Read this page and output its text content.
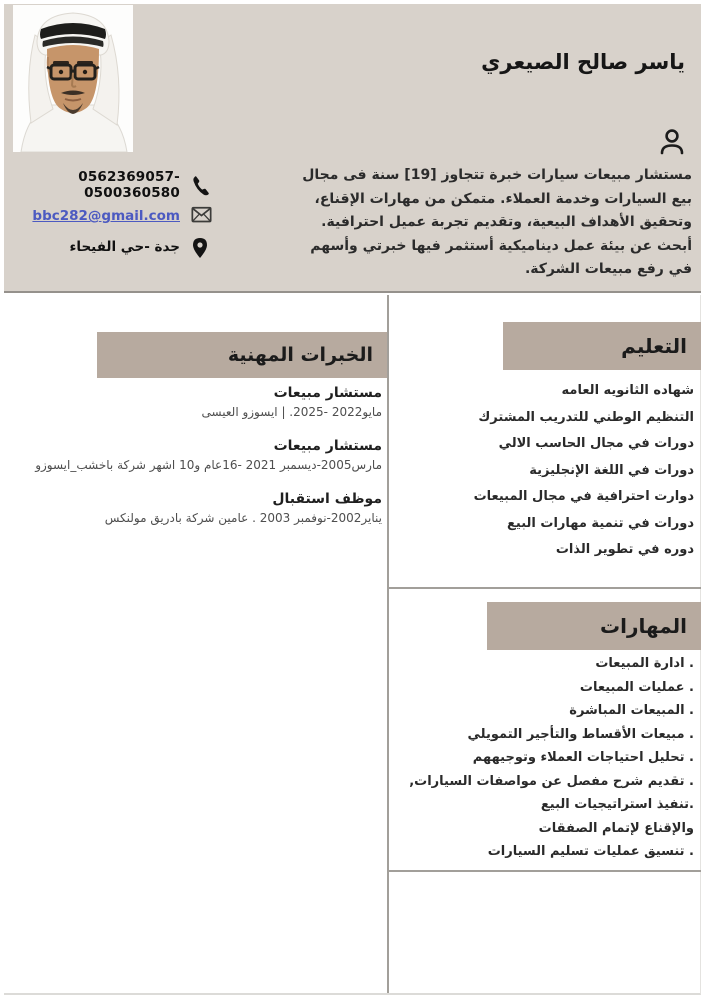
ياسر صالح الصيعري
مستشار مبيعات سيارات خبرة تتجاوز [19] سنة فى مجال بيع السيارات وخدمة العملاء. متمكن من مهارات الإقناع، وتحقيق الأهداف البيعية، وتقديم تجربة عميل احترافية. أبحث عن بيئة عمل ديناميكية أستثمر فيها خبرتي وأسهم في رفع مبيعات الشركة.
0562369057-0500360580
bbc282@gmail.com
جدة -حي الفيحاء
الخبرات المهنية
مستشار مبيعات
مايو2022 -2025. | ايسوزو العيسى
مستشار مبيعات
مارس2005-ديسمبر 2021 -16عام و10 اشهر شركة باخشب_ايسوزو
موظف استقبال
يناير2002-نوفمبر 2003 . عامين شركة بادريق مولنكس
التعليم
شهاده الثانويه العامه
التنظيم الوطني للتدريب المشترك
دورات في مجال الحاسب الالي
دورات في اللغة الإنجليزية
دوارت احترافية في مجال المبيعات
دورات في تنمية مهارات البيع
دوره في تطوير الذات
المهارات
. ادارة المبيعات
. عمليات المبيعات
. المبيعات المباشرة
. مبيعات الأقساط والتأجير التمويلي
. تحليل احتياجات العملاء وتوجيههم
. تقديم شرح مفصل عن مواصفات السيارات,
.تنفيذ استراتيجيات البيع
والإقناع لإتمام الصفقات
. تنسيق عمليات تسليم السيارات
